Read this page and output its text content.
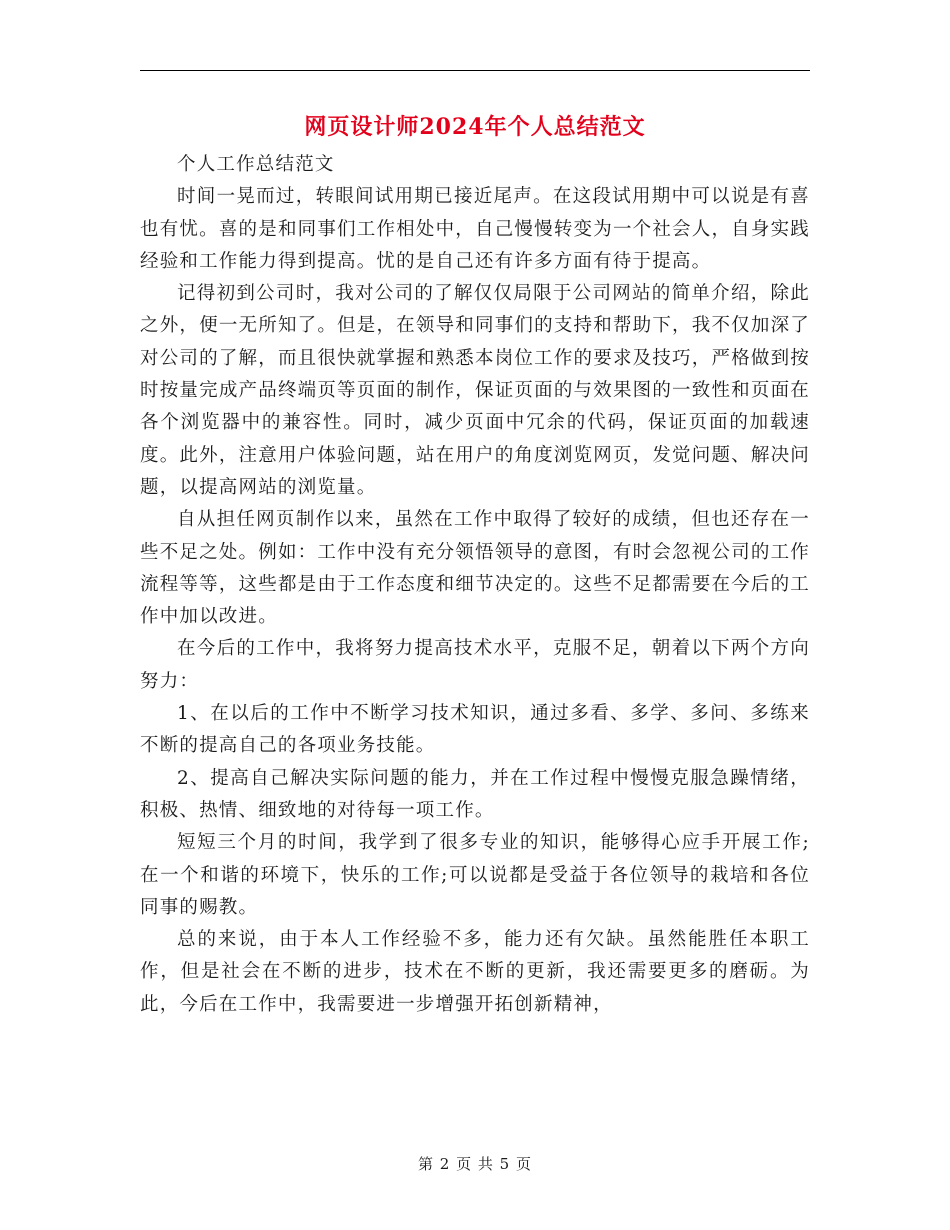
网页设计师2024年个人总结范文

个人工作总结范文

时间一晃而过，转眼间试用期已接近尾声。在这段试用期中可以说是有喜也有忧。喜的是和同事们工作相处中，自己慢慢转变为一个社会人，自身实践经验和工作能力得到提高。忧的是自己还有许多方面有待于提高。

记得初到公司时，我对公司的了解仅仅局限于公司网站的简单介绍，除此之外，便一无所知了。但是，在领导和同事们的支持和帮助下，我不仅加深了对公司的了解，而且很快就掌握和熟悉本岗位工作的要求及技巧，严格做到按时按量完成产品终端页等页面的制作，保证页面的与效果图的一致性和页面在各个浏览器中的兼容性。同时，减少页面中冗余的代码，保证页面的加载速度。此外，注意用户体验问题，站在用户的角度浏览网页，发觉问题、解决问题，以提高网站的浏览量。

自从担任网页制作以来，虽然在工作中取得了较好的成绩，但也还存在一些不足之处。例如：工作中没有充分领悟领导的意图，有时会忽视公司的工作流程等等，这些都是由于工作态度和细节决定的。这些不足都需要在今后的工作中加以改进。

在今后的工作中，我将努力提高技术水平，克服不足，朝着以下两个方向努力：

1、在以后的工作中不断学习技术知识，通过多看、多学、多问、多练来不断的提高自己的各项业务技能。

2、提高自己解决实际问题的能力，并在工作过程中慢慢克服急躁情绪，积极、热情、细致地的对待每一项工作。

短短三个月的时间，我学到了很多专业的知识，能够得心应手开展工作;在一个和谐的环境下，快乐的工作;可以说都是受益于各位领导的栽培和各位同事的赐教。

总的来说，由于本人工作经验不多，能力还有欠缺。虽然能胜任本职工作，但是社会在不断的进步，技术在不断的更新，我还需要更多的磨砺。为此，今后在工作中，我需要进一步增强开拓创新精神，

第 2 页 共 5 页
